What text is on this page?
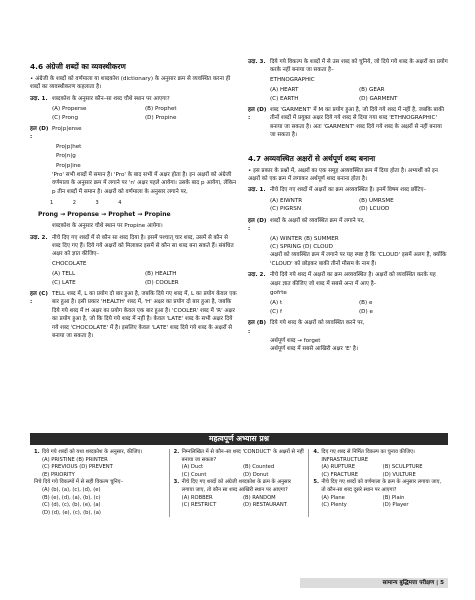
4.6 अंग्रेजी शब्दों का व्यवस्थीकरण
• अंग्रेजी के शब्दों को वर्णमाला या शब्दकोश (dictionary) के अनुसार क्रम से व्यवस्थित करना ही शब्दों का व्यवस्थीकरण कहलाता है।
उदा. 1. शब्दकोश के अनुसार कौन–सा शब्द चौथे स्थान पर आएगा?
(A) Properse	(B) Prophet
(C) Prong	(D) Propine
हल (D) :
Pro|p|ense
Pro|p|het
Pro|n|g
Pro|p|ine
'Pro' सभी शब्दों में समान है। 'Pro' के बाद सभी में अक्षर होता है। इन अक्षरों को अंग्रेजी वर्णमाला के अनुसार क्रम में लगाने पर 'n' अक्षर पहले आयेगा। उसके बाद p आयेगा, लेकिन p तीन शब्दों में समान है। अक्षरों को वर्णमाला के अनुसार लगाने पर,
1 2 3 4
Prong → Propense → Prophet → Propine
शब्दकोश के अनुसार चौथे स्थान पर Propine आयेगा।
उदा. 2. नीचे दिए गए शब्दों में से कौन सा शब्द दिया है। इसमें पश्चात् चार शब्द, उसमें से कौन से शब्द दिए गए हैं। दिये गये अक्षरों को मिलाकर इसमें से कौन सा शब्द बना सकते हैं। संबंधित अक्षर को ज्ञात कीजिए–
CHOCOLATE
(A) TELL	(B) HEALTH
(C) LATE	(D) COOLER
हल (C) :
TELL शब्द में, L का प्रयोग दो बार हुआ है, जबकि दिये गए शब्द में, L का प्रयोग केवल एक बार हुआ है। इसी प्रकार 'HEALTH' शब्द में, 'H' अक्षर का प्रयोग दो बार हुआ है, जबकि दिये गये शब्द में H अक्षर का प्रयोग केवल एक बार हुआ है। 'COOLER' शब्द में 'R' अक्षर का प्रयोग हुआ है, जो कि दिये गये शब्द में नहीं है। केवल 'LATE' शब्द के सभी अक्षर दिये गये शब्द 'CHOCOLATE' में है। इसलिए केवल 'LATE' शब्द दिये गये शब्द के अक्षरों से बनाया जा सकता है।
उदा. 3. दिये गये विकल्प के शब्दों में से उस शब्द को चुनिये, जो दिये गये शब्द के अक्षरों का प्रयोग करके नहीं बनाया जा सकता है–
ETHNOGRAPHIC
(A) HEART	(B) GEAR
(C) EARTH	(D) GARMENT
हल (D) :
शब्द 'GARMENT' में M का प्रयोग हुआ है, जो दिये गये शब्द में नहीं है, जबकि बाकी तीनों शब्दों में प्रयुक्त अक्षर दिये गये शब्द से दिया गया शब्द 'ETHNOGRAPHIC' बनाया जा सकता है। अतः 'GARMENT' शब्द दिये गये शब्द के अक्षरों से नहीं बनाया जा सकता है।
4.7 अव्यवस्थित अक्षरों से अर्थपूर्ण शब्द बनाना
• इस प्रकार के प्रश्नों में, अक्षरों का एक समूह अव्यवस्थित क्रम में दिया होता है। अभ्यर्थी को इन अक्षरों को एक क्रम में लगाकर अर्थपूर्ण शब्द बनाना होता है।
उदा. 1. नीचे दिए गए शब्दों में अक्षरों का क्रम अव्यवस्थित है। इनमें विषम शब्द छाँटिए–
(A) EIWNTR	(B) UMRSME
(C) PIGRSN	(D) LCUOD
हल (D) :
शब्दों के अक्षरों को व्यवस्थित क्रम में लगाने पर,
(A) WINTER (B) SUMMER
(C) SPRING (D) CLOUD
अक्षरों को व्यवस्थित क्रम में लगाने पर यह स्पष्ट है कि 'CLOUD' इसमें अलग है, क्योंकि 'CLOUD' को छोड़कर बाकी तीनों मौसम के नाम हैं।
उदा. 2. नीचे दिये गये शब्द में अक्षरों का क्रम अव्यवस्थित है। अक्षरों को व्यवस्थित करके यह अक्षर ज्ञात कीजिए जो शब्द में सबसे अन्त में आए है–
gofrte
(A) t	(B) e
(C) f	(D) e
हल (B) :
दिये गये शब्द के अक्षरों को व्यवस्थित करने पर,
अर्थपूर्ण शब्द → forget
अर्थपूर्ण शब्द में सबसे आखिरी अक्षर 'E' है।
महत्वपूर्ण अभ्यास प्रश्न
1. दिये गये शब्दों को यथा शब्दकोश के अनुसार, कीजिए।
(A) PRISTINE (B) PRINTER
(C) PREVIOUS (D) PREVENT
(E) PRIORITY
निचे दिये गये विकल्पों में से सही विकल्प चुनिए–
(A) (b), (a), (c), (d), (e)
(B) (e), (d), (a), (b), (c)
(C) (d), (c), (b), (e), (a)
(D) (d), (e), (c), (b), (a)
2. निम्नलिखित में से कौन–सा शब्द 'CONDUCT' के अक्षरों से नहीं बनाया जा सकता?
(A) Duct	(B) Counted
(C) Count	(D) Donut
3. नीचे दिए गए शब्दों को अंग्रेजी शब्दकोश के क्रम के अनुसार लगाया जाए, तो कौन सा शब्द आखिरी स्थान पर आएगा?
(A) ROBBER	(B) RANDOM
(C) RESTRICT	(D) RESTAURANT
4. दिए गए शब्द से निर्मित विकल्प का चुनाव कीजिए।
INFRASTRUCTURE
(A) RUPTURE	(B) SCULPTURE
(C) FRACTURE	(D) VULTURE
5. नीचे दिए गए शब्दों को वर्णमाला के क्रम के अनुसार लगाया जाए, तो कौन-सा शब्द दूसरे स्थान पर आएगा?
(A) Plane	(B) Plain
(C) Plenty	(D) Player
सामान्य बुद्धिमत्ता परीक्षण | 5
